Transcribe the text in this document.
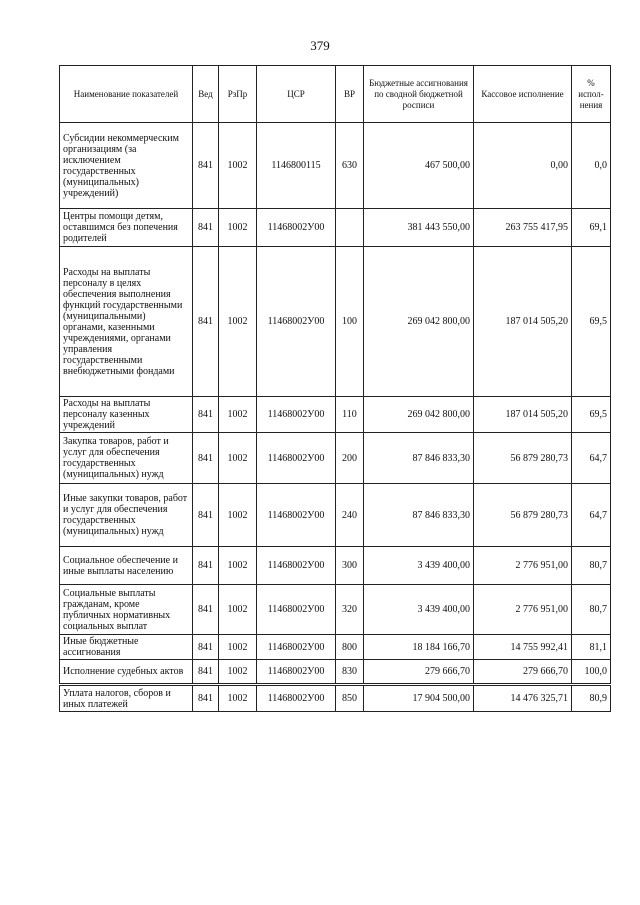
379
Наименование показателей	Вед	РзПр	ЦСР	ВР	Бюджетные ассигнования по сводной бюджетной росписи	Кассовое исполнение	% испол-нения
Субсидии некоммерческим организациям (за исключением государственных (муниципальных) учреждений)	841	1002	1146800115	630	467 500,00	0,00	0,0
Центры помощи детям, оставшимся без попечения родителей	841	1002	11468002У00		381 443 550,00	263 755 417,95	69,1
Расходы на выплаты персоналу в целях обеспечения выполнения функций государственными (муниципальными) органами, казенными учреждениями, органами управления государственными внебюджетными фондами	841	1002	11468002У00	100	269 042 800,00	187 014 505,20	69,5
Расходы на выплаты персоналу казенных учреждений	841	1002	11468002У00	110	269 042 800,00	187 014 505,20	69,5
Закупка товаров, работ и услуг для обеспечения государственных (муниципальных) нужд	841	1002	11468002У00	200	87 846 833,30	56 879 280,73	64,7
Иные закупки товаров, работ и услуг для обеспечения государственных (муниципальных) нужд	841	1002	11468002У00	240	87 846 833,30	56 879 280,73	64,7
Социальное обеспечение и иные выплаты населению	841	1002	11468002У00	300	3 439 400,00	2 776 951,00	80,7
Социальные выплаты гражданам, кроме публичных нормативных социальных выплат	841	1002	11468002У00	320	3 439 400,00	2 776 951,00	80,7
Иные бюджетные ассигнования	841	1002	11468002У00	800	18 184 166,70	14 755 992,41	81,1
Исполнение судебных актов	841	1002	11468002У00	830	279 666,70	279 666,70	100,0
Уплата налогов, сборов и иных платежей	841	1002	11468002У00	850	17 904 500,00	14 476 325,71	80,9
